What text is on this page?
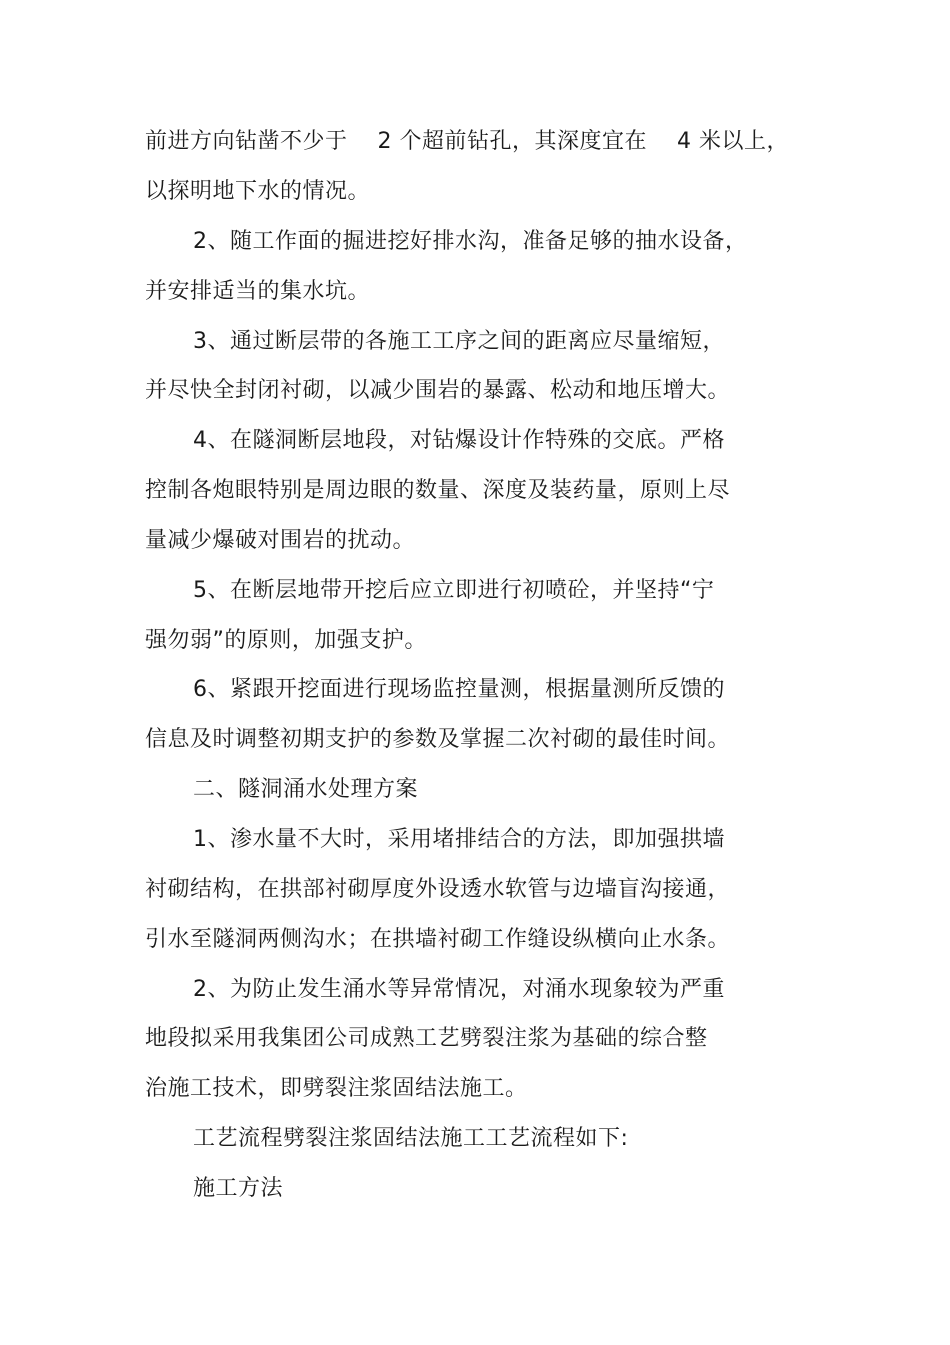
前进方向钻凿不少于　 2 个超前钻孔，其深度宜在　 4 米以上，
以探明地下水的情况。
2、随工作面的掘进挖好排水沟，准备足够的抽水设备，
并安排适当的集水坑。
3、通过断层带的各施工工序之间的距离应尽量缩短，
并尽快全封闭衬砌，以减少围岩的暴露、松动和地压增大。
4、在隧洞断层地段，对钻爆设计作特殊的交底。严格
控制各炮眼特别是周边眼的数量、深度及装药量，原则上尽
量减少爆破对围岩的扰动。
5、在断层地带开挖后应立即进行初喷砼，并坚持“宁
强勿弱”的原则，加强支护。
6、紧跟开挖面进行现场监控量测，根据量测所反馈的
信息及时调整初期支护的参数及掌握二次衬砌的最佳时间。
二、隧洞涌水处理方案
1、渗水量不大时，采用堵排结合的方法，即加强拱墙
衬砌结构，在拱部衬砌厚度外设透水软管与边墙盲沟接通，
引水至隧洞两侧沟水；在拱墙衬砌工作缝设纵横向止水条。
2、为防止发生涌水等异常情况，对涌水现象较为严重
地段拟采用我集团公司成熟工艺劈裂注浆为基础的综合整
治施工技术，即劈裂注浆固结法施工。
工艺流程劈裂注浆固结法施工工艺流程如下:
施工方法
